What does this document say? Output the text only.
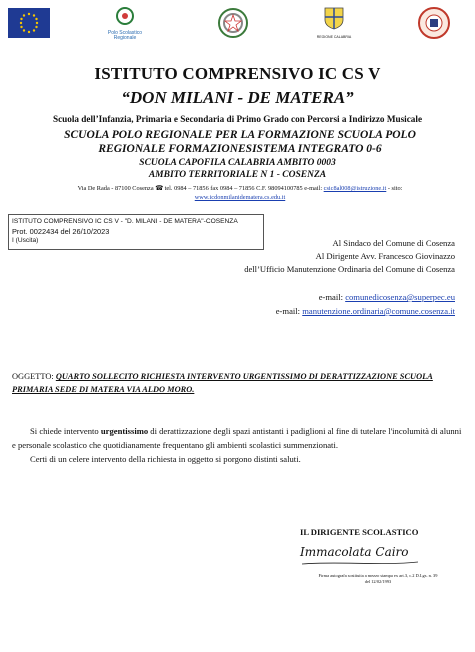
Polo Scolastico Regionale	REGIONE CALABRIA
ISTITUTO COMPRENSIVO IC CS V
“DON MILANI - DE MATERA”
Scuola dell’Infanzia, Primaria e Secondaria di Primo Grado con Percorsi a Indirizzo Musicale
SCUOLA POLO REGIONALE PER LA FORMAZIONE SCUOLA POLO REGIONALE FORMAZIONESISTEMA INTEGRATO 0-6
SCUOLA CAPOFILA CALABRIA AMBITO 0003
AMBITO TERRITORIALE N 1 - COSENZA
Via De Rada - 87100 Cosenza ☎ tel. 0984 – 71856 fax 0984 – 71856 C.F. 98094100785 e-mail: csic8al008@istruzione.it - sito: www.icdonmilanidematera.cs.edu.it
ISTITUTO COMPRENSIVO IC CS V - "D. MILANI - DE MATERA"-COSENZA
Prot. 0022434 del 26/10/2023
I (Uscita)	Al Sindaco del Comune di Cosenza
Al Dirigente Avv. Francesco Giovinazzo
dell’Ufficio Manutenzione Ordinaria del Comune di Cosenza
e-mail: comunedicosenza@superpec.eu
e-mail: manutenzione.ordinaria@comune.cosenza.it
OGGETTO: QUARTO SOLLECITO RICHIESTA INTERVENTO URGENTISSIMO DI DERATTIZZAZIONE SCUOLA PRIMARIA SEDE DI MATERA VIA ALDO MORO.

Si chiede intervento urgentissimo di derattizzazione degli spazi antistanti i padiglioni al fine di tutelare l'incolumità di alunni e personale scolastico che quotidianamente frequentano gli ambienti scolastici summenzionati.

Certi di un celere intervento della richiesta in oggetto si porgono distinti saluti.

IL DIRIGENTE SCOLASTICO
Immacolata Cairo
Firma autografa sostituita a mezzo stampa ex art.3, c.2 D.Lgs. n. 39 del 12/02/1993
